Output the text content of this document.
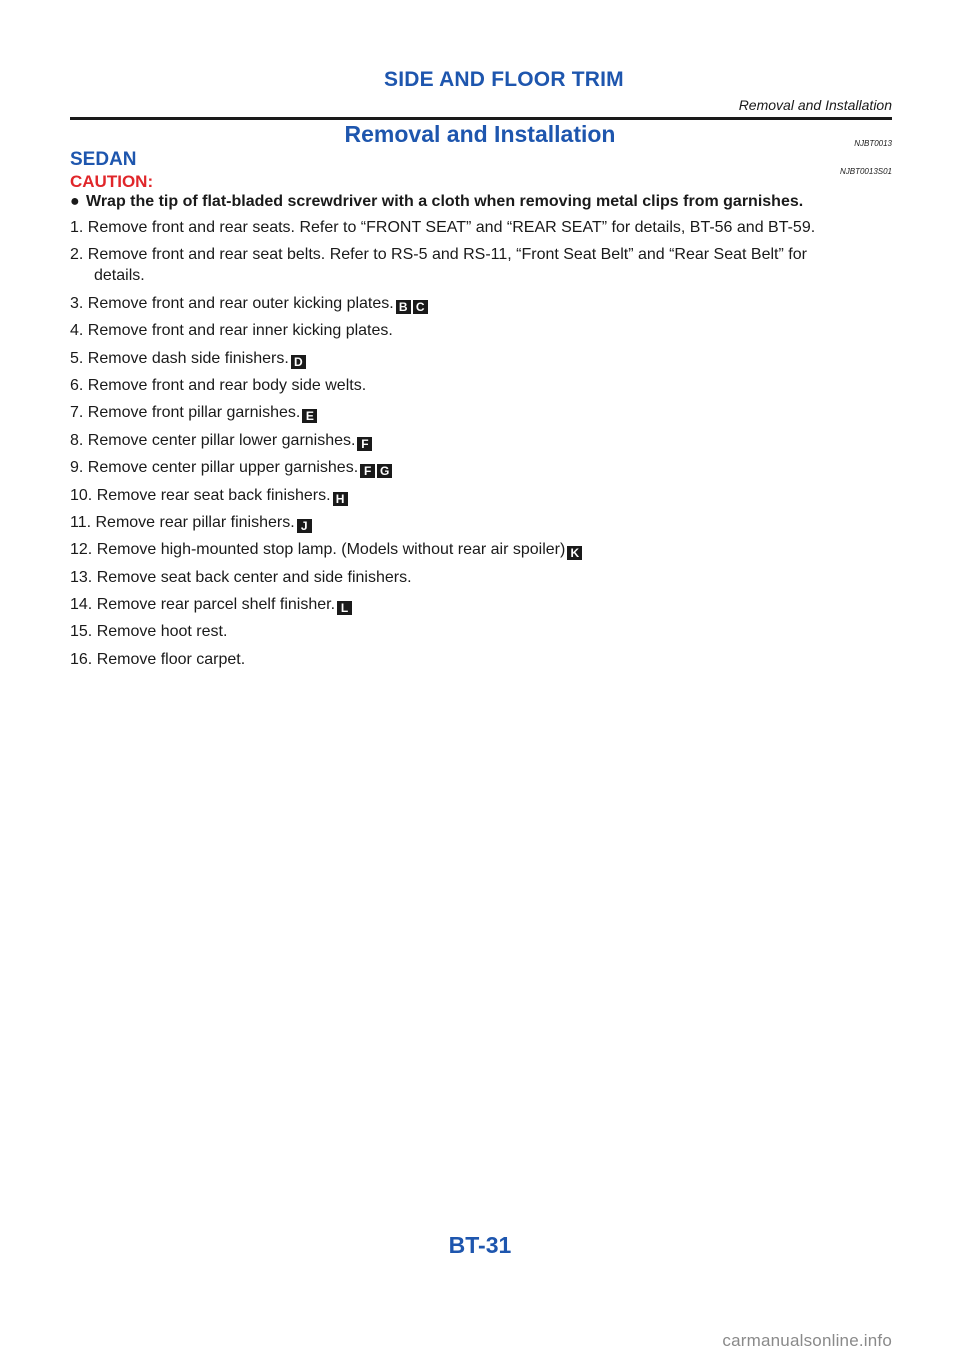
SIDE AND FLOOR TRIM
Removal and Installation
Removal and Installation	NJBT0013
SEDAN
NJBT0013S01
CAUTION:
● Wrap the tip of flat-bladed screwdriver with a cloth when removing metal clips from garnishes.
1. Remove front and rear seats. Refer to “FRONT SEAT” and “REAR SEAT” for details, BT-56 and BT-59.
2. Remove front and rear seat belts. Refer to RS-5 and RS-11, “Front Seat Belt” and “Rear Seat Belt” for
details.
3. Remove front and rear outer kicking plates. B C
4. Remove front and rear inner kicking plates.
5. Remove dash side finishers. D
6. Remove front and rear body side welts.
7. Remove front pillar garnishes. E
8. Remove center pillar lower garnishes. F
9. Remove center pillar upper garnishes. F G
10. Remove rear seat back finishers. H
11. Remove rear pillar finishers. J
12. Remove high-mounted stop lamp. (Models without rear air spoiler) K
13. Remove seat back center and side finishers.
14. Remove rear parcel shelf finisher. L
15. Remove hoot rest.
16. Remove floor carpet.
BT-31
carmanualsonline.info
